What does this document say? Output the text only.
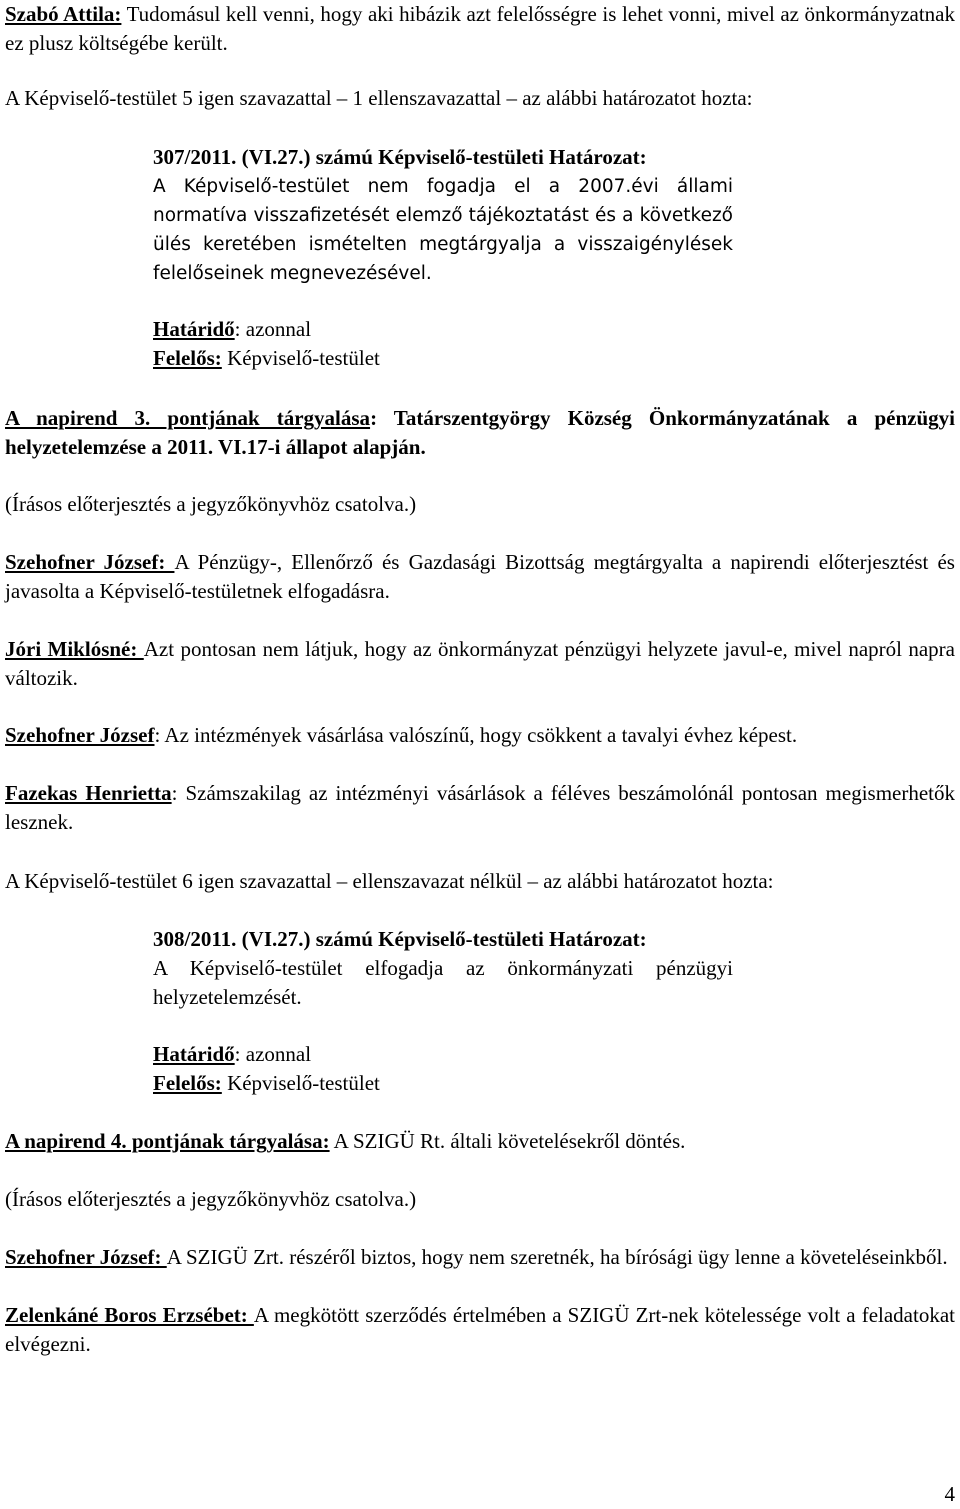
Szabó Attila: Tudomásul kell venni, hogy aki hibázik azt felelősségre is lehet vonni, mivel az önkormányzatnak ez plusz költségébe került.

A Képviselő-testület 5 igen szavazattal – 1 ellenszavazattal – az alábbi határozatot hozta:

307/2011. (VI.27.) számú Képviselő-testületi Határozat:

A Képviselő-testület nem fogadja el a 2007.évi állami normatíva visszafizetését elemző tájékoztatást és a következő ülés keretében ismételten megtárgyalja a visszaigénylések felelőseinek megnevezésével.

Határidő: azonnal

Felelős: Képviselő-testület

A napirend 3. pontjának tárgyalása: Tatárszentgyörgy Község Önkormányzatának a pénzügyi helyzetelemzése a 2011. VI.17-i állapot alapján.

(Írásos előterjesztés a jegyzőkönyvhöz csatolva.)

Szehofner József: A Pénzügy-, Ellenőrző és Gazdasági Bizottság megtárgyalta a napirendi előterjesztést és javasolta a Képviselő-testületnek elfogadásra.

Jóri Miklósné: Azt pontosan nem látjuk, hogy az önkormányzat pénzügyi helyzete javul-e, mivel napról napra változik.

Szehofner József: Az intézmények vásárlása valószínű, hogy csökkent a tavalyi évhez képest.

Fazekas Henrietta: Számszakilag az intézményi vásárlások a féléves beszámolónál pontosan megismerhetők lesznek.

A Képviselő-testület 6 igen szavazattal – ellenszavazat nélkül – az alábbi határozatot hozta:

308/2011. (VI.27.) számú Képviselő-testületi Határozat:

A Képviselő-testület elfogadja az önkormányzati pénzügyi helyzetelemzését.

Határidő: azonnal

Felelős: Képviselő-testület

A napirend 4. pontjának tárgyalása: A SZIGÜ Rt. általi követelésekről döntés.

(Írásos előterjesztés a jegyzőkönyvhöz csatolva.)

Szehofner József: A SZIGÜ Zrt. részéről biztos, hogy nem szeretnék, ha bírósági ügy lenne a követeléseinkből.

Zelenkáné Boros Erzsébet: A megkötött szerződés értelmében a SZIGÜ Zrt-nek kötelessége volt a feladatokat elvégezni.

4
